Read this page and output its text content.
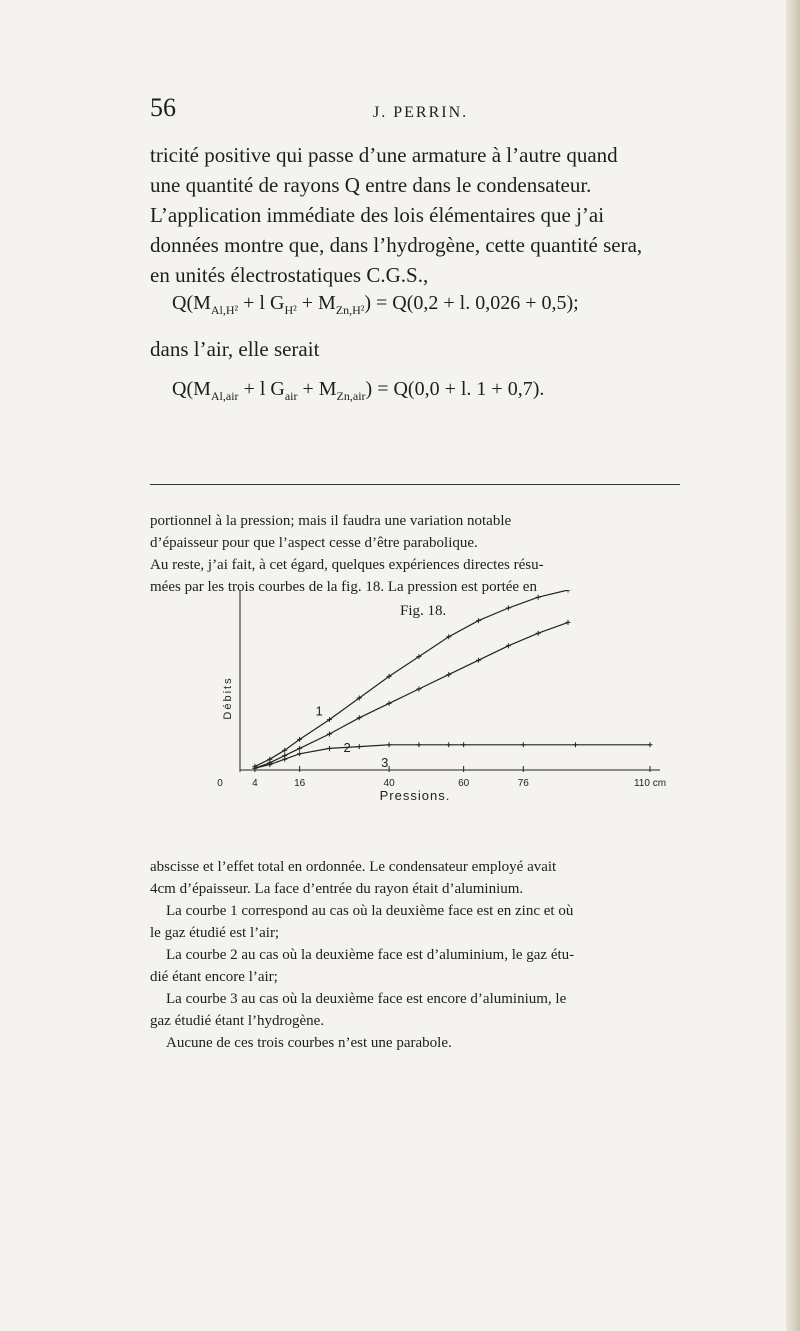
56	J. PERRIN.
tricité positive qui passe d’une armature à l’autre quand
une quantité de rayons Q entre dans le condensateur.
L’application immédiate des lois élémentaires que j’ai
données montre que, dans l’hydrogène, cette quantité sera,
en unités électrostatiques C.G.S.,
$Q(M_{Al,H^2} + l$ $G_{H^2} + M_{Zn,H^2}) = Q(0,2 + l$. 0,026 + 0,5);
dans l’air, elle serait
$Q(M_{Al,air} + l$ $G_{air} + M_{Zn,air}) = Q(0,0 + l$. 1 + 0,7).
portionnel à la pression; mais il faudra une variation notable
d’épaisseur pour que l’aspect cesse d’être parabolique.
Au reste, j’ai fait, à cet égard, quelques expériences directes résu-
mées par les trois courbes de la fig. 18. La pression est portée en
Fig. 18.
0	4	16	40	60	76	110 cm
Pressions.
Débits	1
2
3
abscisse et l’effet total en ordonnée. Le condensateur employé avait
4cm d’épaisseur. La face d’entrée du rayon était d’aluminium.
La courbe 1 correspond au cas où la deuxième face est en zinc et où
le gaz étudié est l’air;
La courbe 2 au cas où la deuxième face est d’aluminium, le gaz étu-
dié étant encore l’air;
La courbe 3 au cas où la deuxième face est encore d’aluminium, le
gaz étudié étant l’hydrogène.
Aucune de ces trois courbes n’est une parabole.
